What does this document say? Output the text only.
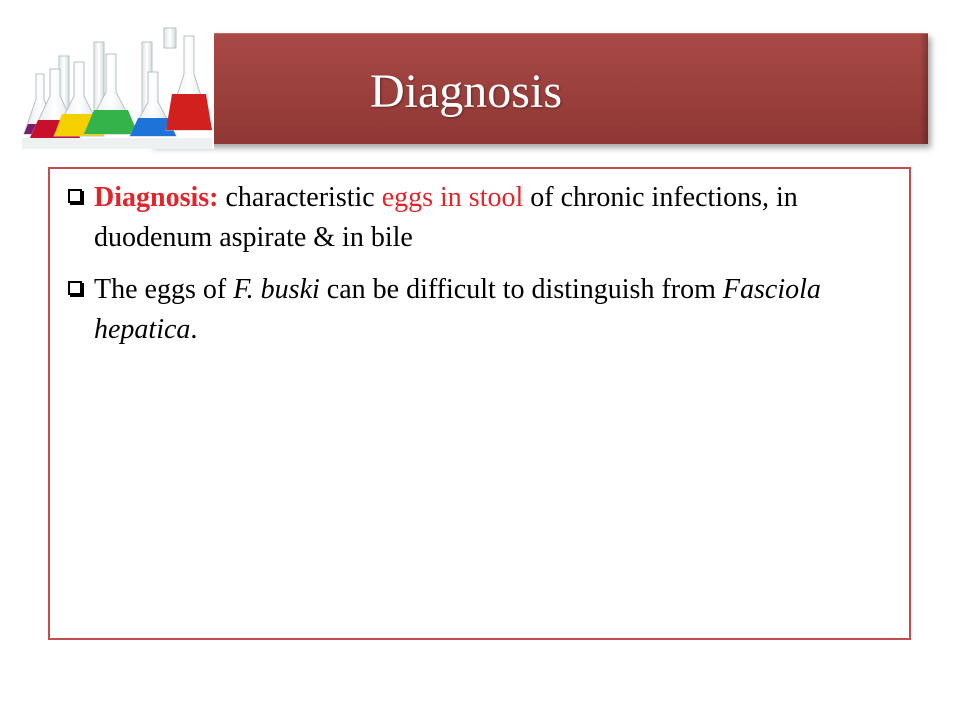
Diagnosis
Diagnosis: characteristic eggs in stool of chronic infections, in duodenum aspirate & in bile
The eggs of F. buski can be difficult to distinguish from Fasciola hepatica.
